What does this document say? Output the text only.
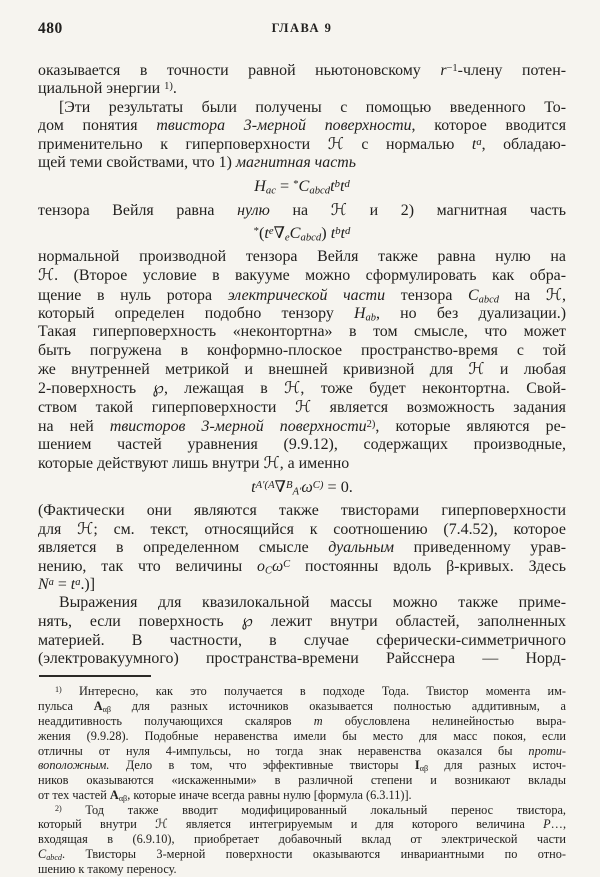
480	ГЛАВА 9
оказывается в точности равной ньютоновскому $r^{-1}$-члену потен-
циальной энергии $^{1)}$.
[Эти результаты были получены с помощью введенного То-
дом понятия твистора 3-мерной поверхности, которое вводится
применительно к гиперповерхности ℋ с нормалью $t^a$, обладаю-
щей теми свойствами, что 1) магнитная часть
Hac = $^*Cabcdt^bt^d$
тензора Вейля равна нулю на ℋ и 2) магнитная часть
$^*(t^e\nabla eCabcd)$ $t^bt^d$
нормальной производной тензора Вейля также равна нулю на
ℋ. (Второе условие в вакууме можно сформулировать как обра-
щение в нуль ротора электрической части тензора Cabcd на ℋ,
который определен подобно тензору Hab, но без дуализации.)
Такая гиперповерхность «неконтортна» в том смысле, что может
быть погружена в конформно-плоское пространство-время с той
же внутренней метрикой и внешней кривизной для ℋ и любая
2-поверхность ℘, лежащая в ℋ, тоже будет неконтортна. Свой-
ством такой гиперповерхности ℋ является возможность задания
на ней твисторов 3-мерной поверхности$^{2)}$, которые являются ре-
шением частей уравнения (9.9.12), содержащих производные,
которые действуют лишь внутри ℋ, а именно
$t^{A'(A}\nabla^BA'\omega^{C)} = 0$.
(Фактически они являются также твисторами гиперповерхности
для ℋ; см. текст, относящийся к соотношению (7.4.52), которое
является в определенном смысле дуальным приведенному урав-
нению, так что величины oCω$^C$ постоянны вдоль β-кривых. Здесь
$N^a = t^a$.)]
Выражения для квазилокальной массы можно также приме-
нять, если поверхность ℘ лежит внутри областей, заполненных
материей. В частности, в случае сферически-симметричного
(электровакуумного) пространства-времени Райсснера — Норд-
$^{1)}$ Интересно, как это получается в подходе Тода. Твистор момента им-
пульса Aαβ для разных источников оказывается полностью аддитивным, а
неаддитивность получающихся скаляров m обусловлена нелинейностью выра-
жения (9.9.28). Подобные неравенства имели бы место для масс покоя, если
отличны от нуля 4-импульсы, но тогда знак неравенства оказался бы проти-
воположным. Дело в том, что эффективные твисторы Iαβ для разных источ-
ников оказываются «искаженными» в различной степени и возникают вклады
от тех частей Aαβ, которые иначе всегда равны нулю [формула (6.3.11)].
$^{2)}$ Тод также вводит модифицированный локальный перенос твистора,
который внутри ℋ является интегрируемым и для которого величина P…,
входящая в (6.9.10), приобретает добавочный вклад от электрической части
Cabcd. Твисторы 3-мерной поверхности оказываются инвариантными по отно-
шению к такому переносу.
